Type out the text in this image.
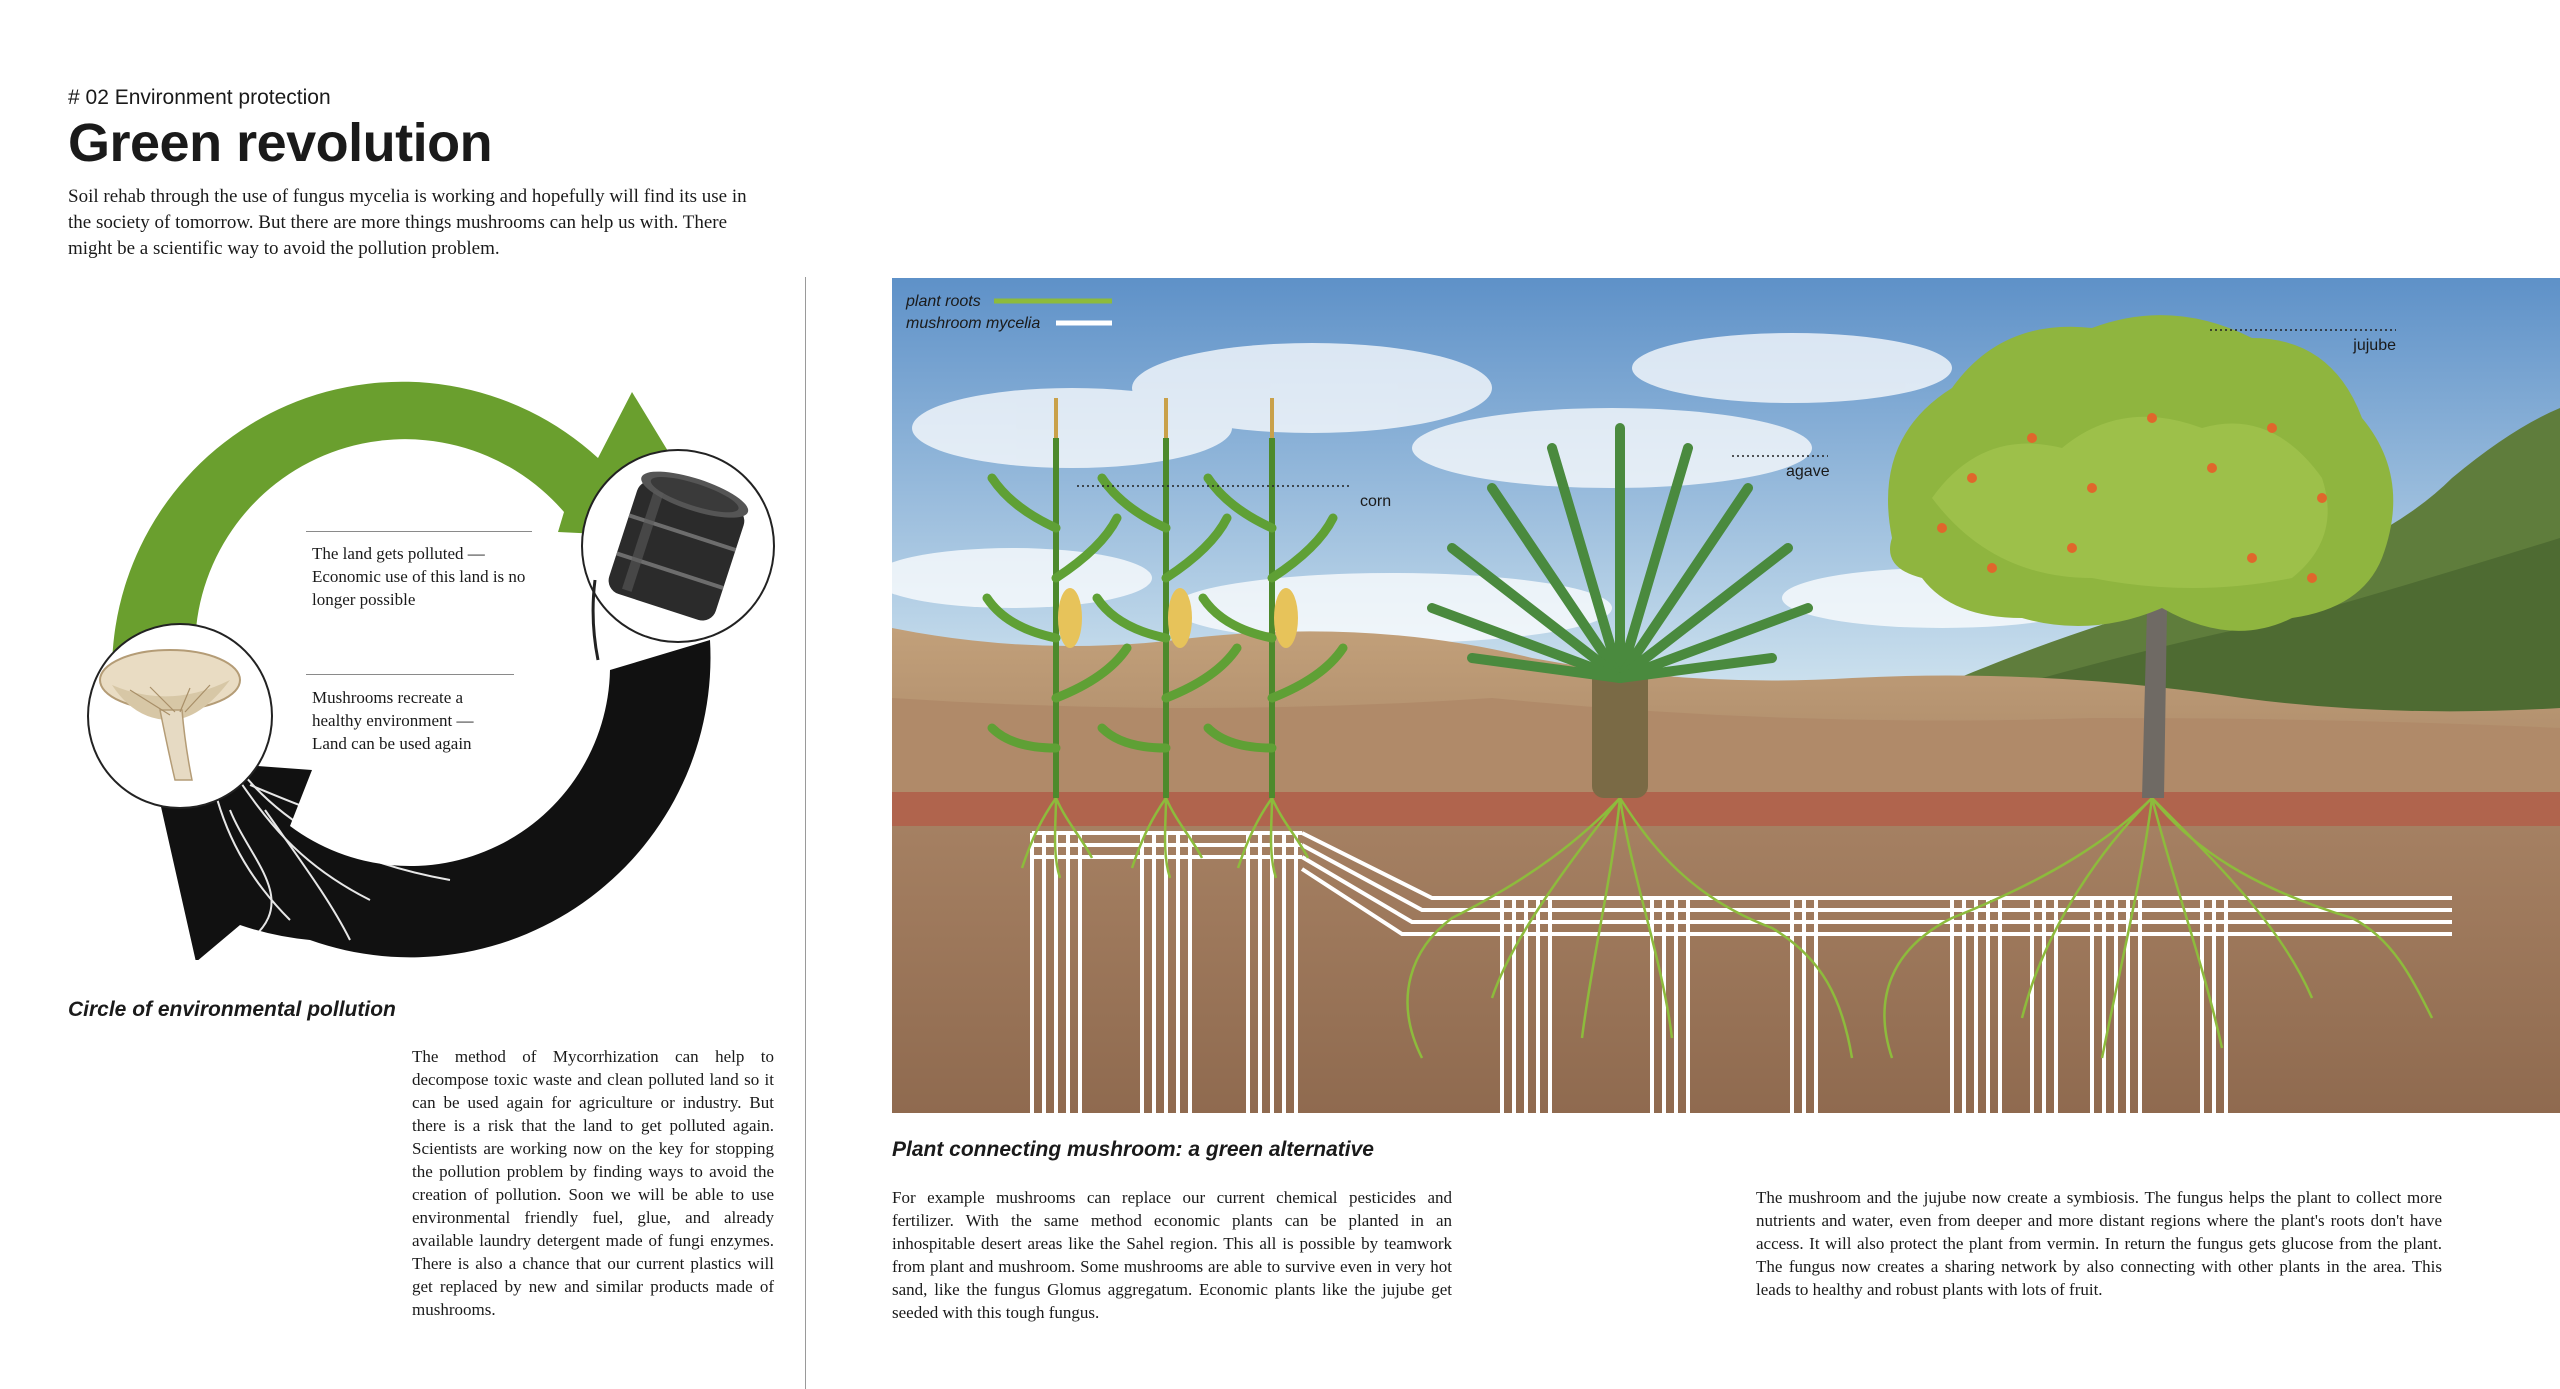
# 02 Environment protection
Green revolution
Soil rehab through the use of fungus mycelia is working and hopefully will find its use in the society of tomorrow. But there are more things mushrooms can help us with. There might be a scientific way to avoid the pollution problem.
The land gets polluted — Economic use of this land is no longer possible
Mushrooms recreate a healthy environment — Land can be used again
Circle of environmental pollution
The method of Mycorrhization can help to decompose toxic waste and clean polluted land so it can be used again for agriculture or industry. But there is a risk that the land to get polluted again. Scientists are working now on the key for stopping the pollution problem by finding ways to avoid the creation of pollution. Soon we will be able to use environmental friendly fuel, glue, and already available laundry detergent made of fungi enzymes. There is also a chance that our current plastics will get replaced by new and similar products made of mushrooms.
plant roots
mushroom mycelia
corn
agave
jujube
Plant connecting mushroom: a green alternative
For example mushrooms can replace our current chemical pesticides and fertilizer. With the same method economic plants can be planted in an inhospitable desert areas like the Sahel region. This all is possible by teamwork from plant and mushroom. Some mushrooms are able to survive even in very hot sand, like the fungus Glomus aggregatum. Economic plants like the jujube get seeded with this tough fungus.
The mushroom and the jujube now create a symbiosis. The fungus helps the plant to collect more nutrients and water, even from deeper and more distant regions where the plant's roots don't have access. It will also protect the plant from vermin. In return the fungus gets glucose from the plant. The fungus now creates a sharing network by also connecting with other plants in the area. This leads to healthy and robust plants with lots of fruit.
